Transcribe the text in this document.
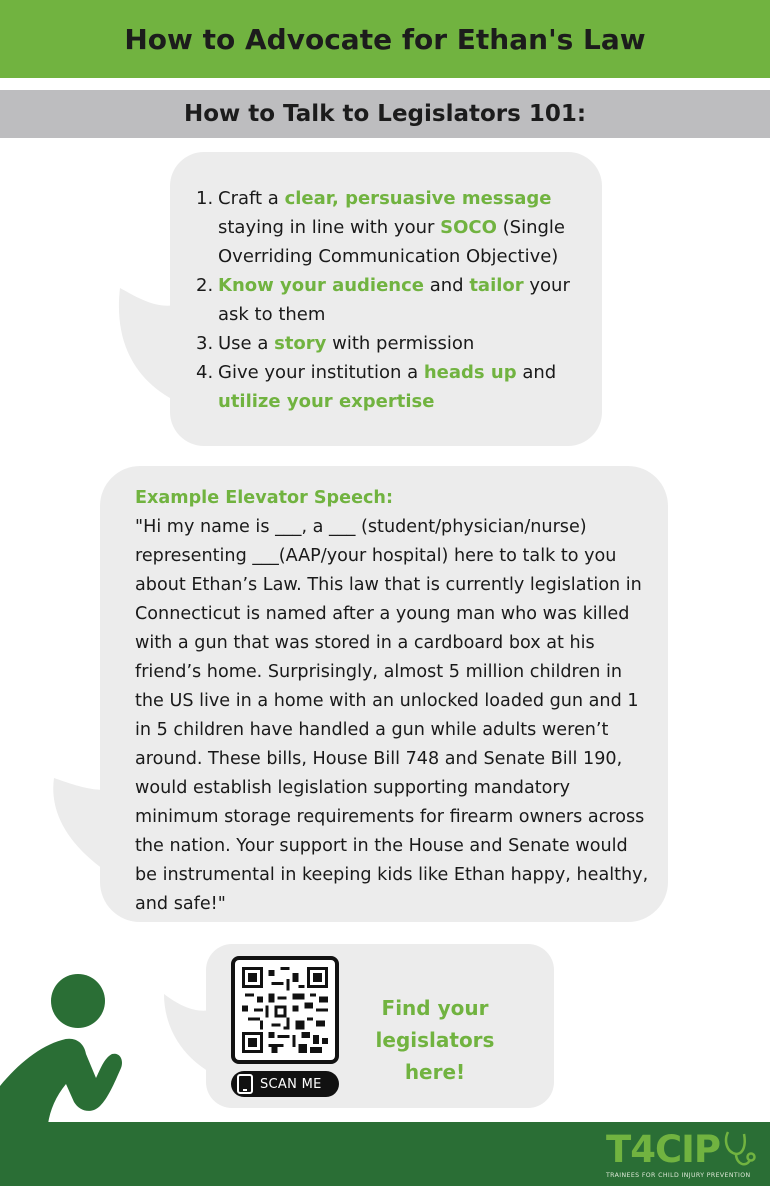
How to Advocate for Ethan's Law
How to Talk to Legislators 101:
1. Craft a clear, persuasive message staying in line with your SOCO (Single Overriding Communication Objective)
2. Know your audience and tailor your ask to them
3. Use a story with permission
4. Give your institution a heads up and utilize your expertise
Example Elevator Speech:
"Hi my name is ___, a ___ (student/physician/nurse) representing ___(AAP/your hospital) here to talk to you about Ethan’s Law. This law that is currently legislation in Connecticut is named after a young man who was killed with a gun that was stored in a cardboard box at his friend’s home. Surprisingly, almost 5 million children in the US live in a home with an unlocked loaded gun and 1 in 5 children have handled a gun while adults weren’t around. These bills, House Bill 748 and Senate Bill 190, would establish legislation supporting mandatory minimum storage requirements for firearm owners across the nation. Your support in the House and Senate would be instrumental in keeping kids like Ethan happy, healthy, and safe!"
SCAN ME
Find your legislators here!
T4CIP
TRAINEES FOR CHILD INJURY PREVENTION
